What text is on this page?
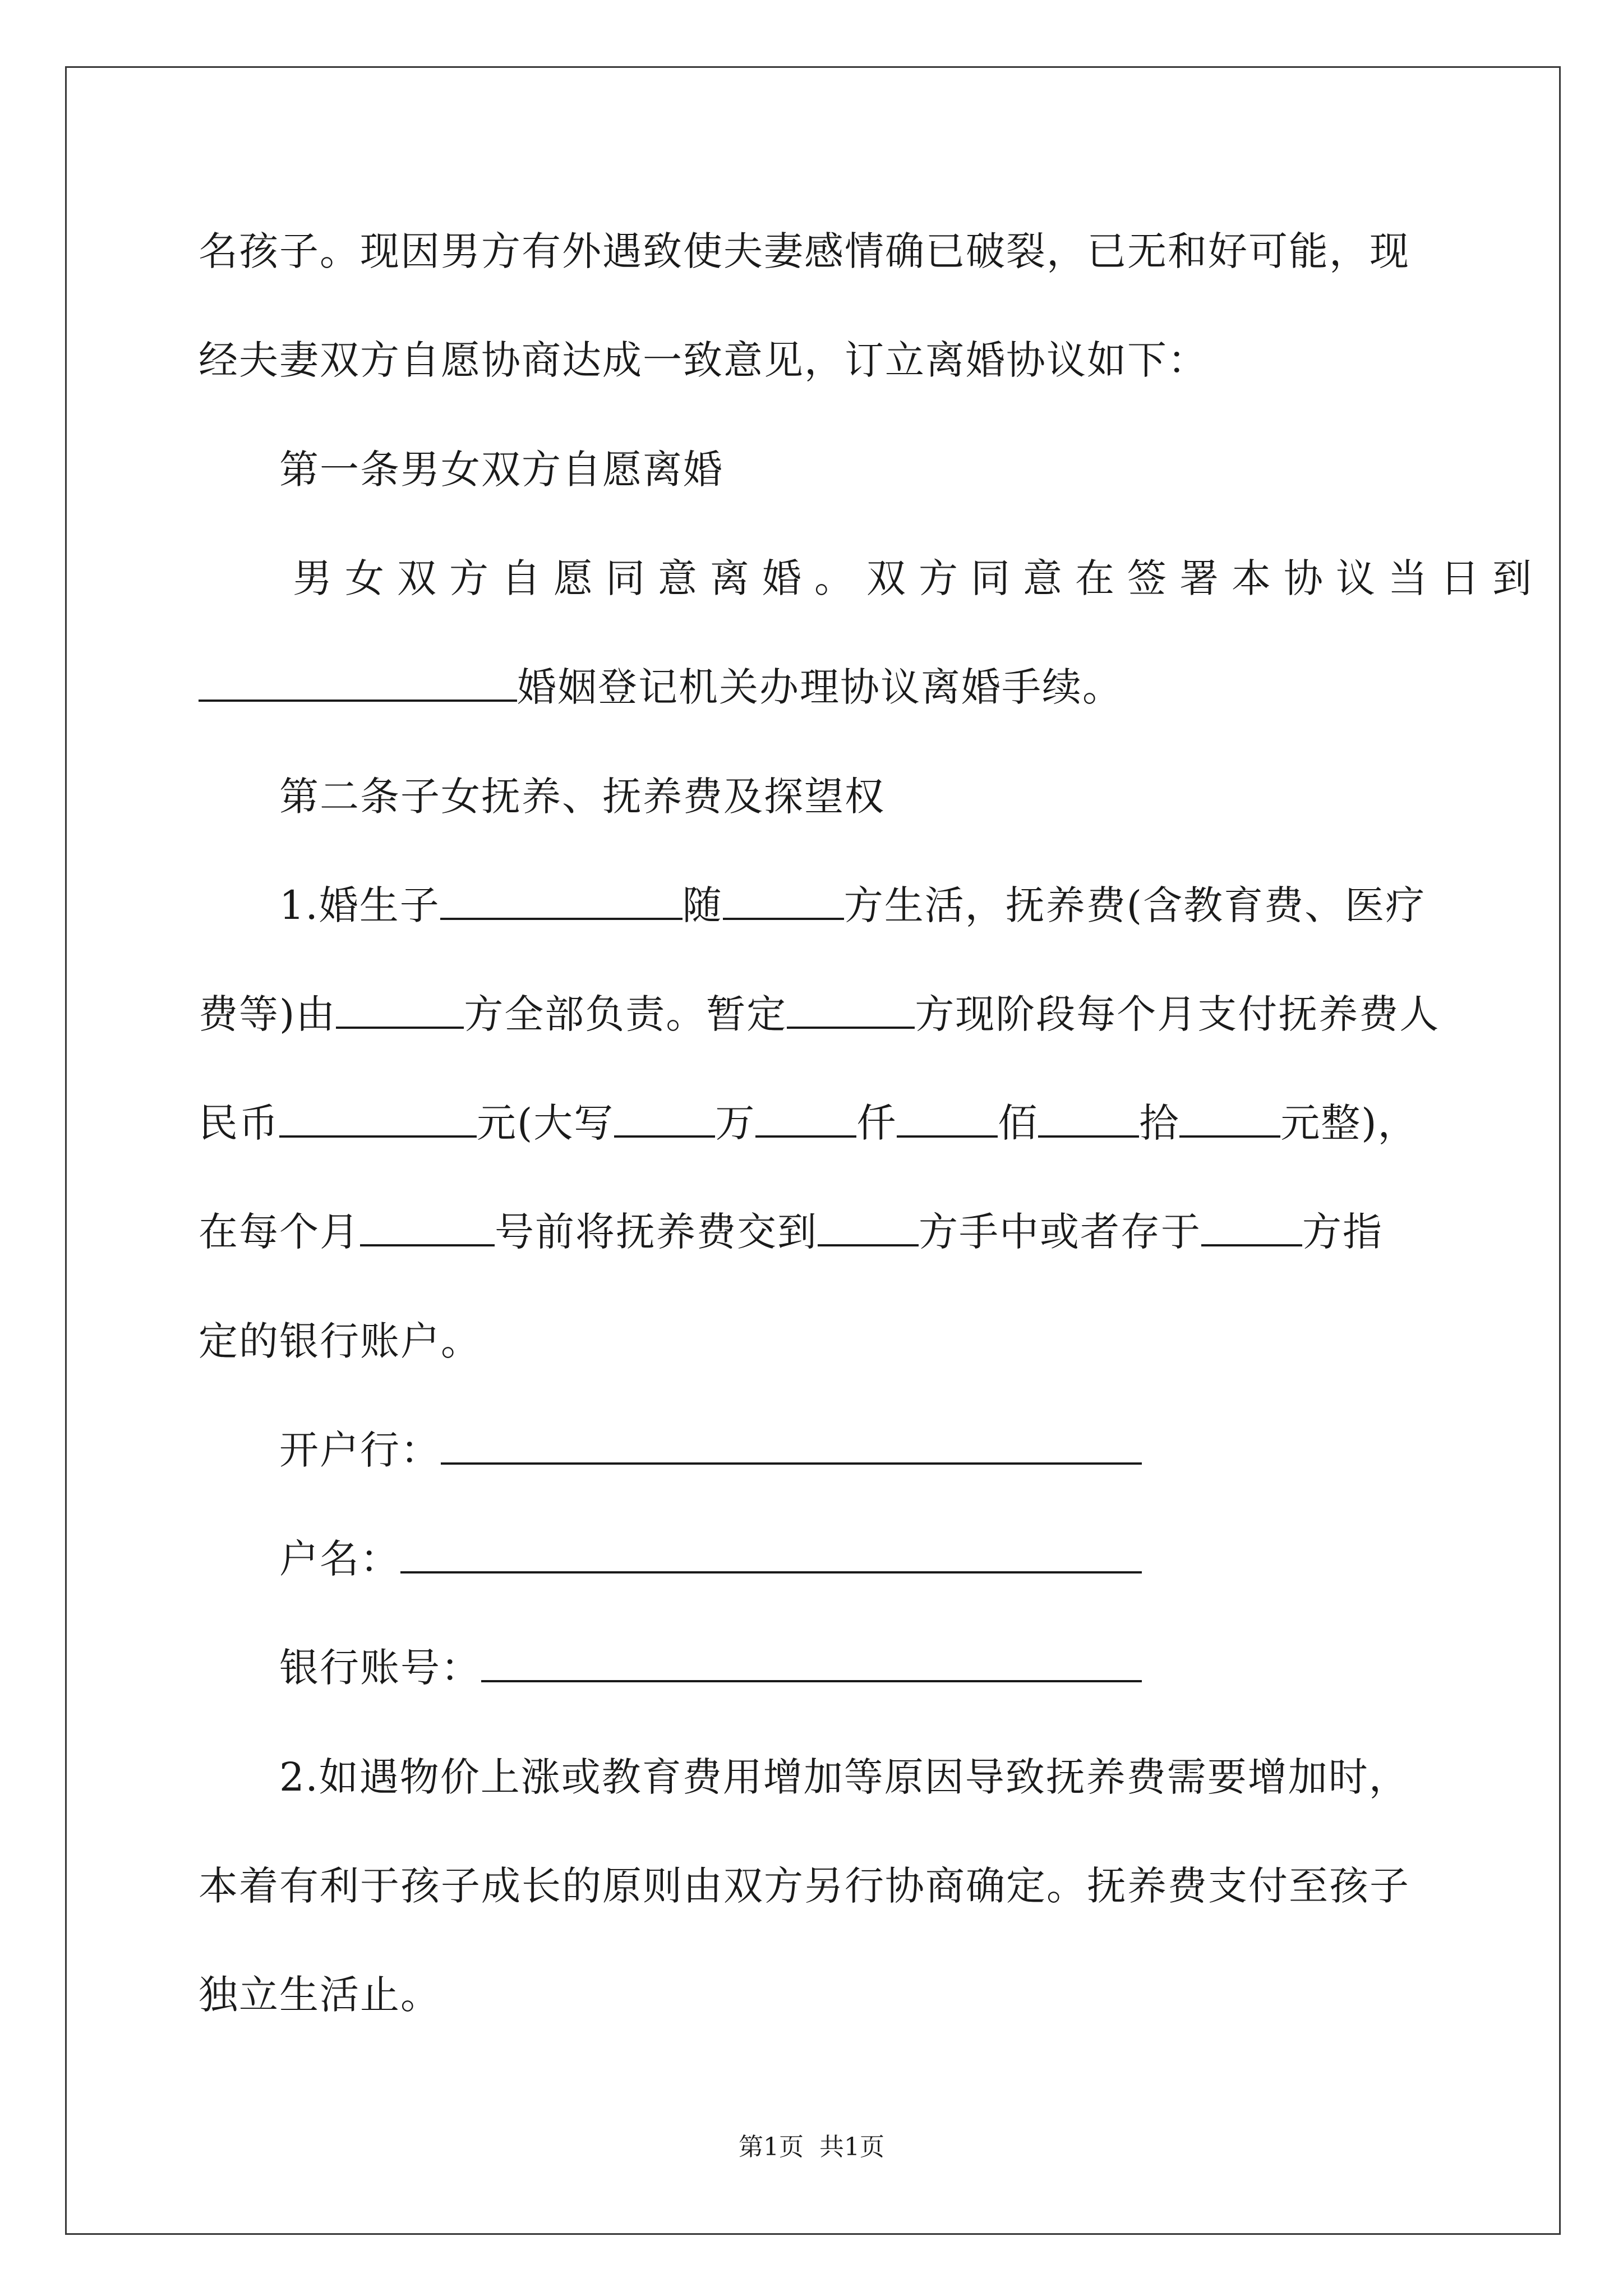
名孩子。现因男方有外遇致使夫妻感情确已破裂，已无和好可能，现
经夫妻双方自愿协商达成一致意见，订立离婚协议如下：
第一条男女双方自愿离婚
男女双方自愿同意离婚。双方同意在签署本协议当日到
婚姻登记机关办理协议离婚手续。
第二条子女抚养、抚养费及探望权
1.婚生子	随	方生活，抚养费(含教育费、医疗
费等)由	方全部负责。暂定	方现阶段每个月支付抚养费人
民币	元(大写	万	仟	佰	拾	元整)，
在每个月	号前将抚养费交到	方手中或者存于	方指
定的银行账户。
开户行：
户名：
银行账号：
2.如遇物价上涨或教育费用增加等原因导致抚养费需要增加时，
本着有利于孩子成长的原则由双方另行协商确定。抚养费支付至孩子
独立生活止。
第1页 共1页
